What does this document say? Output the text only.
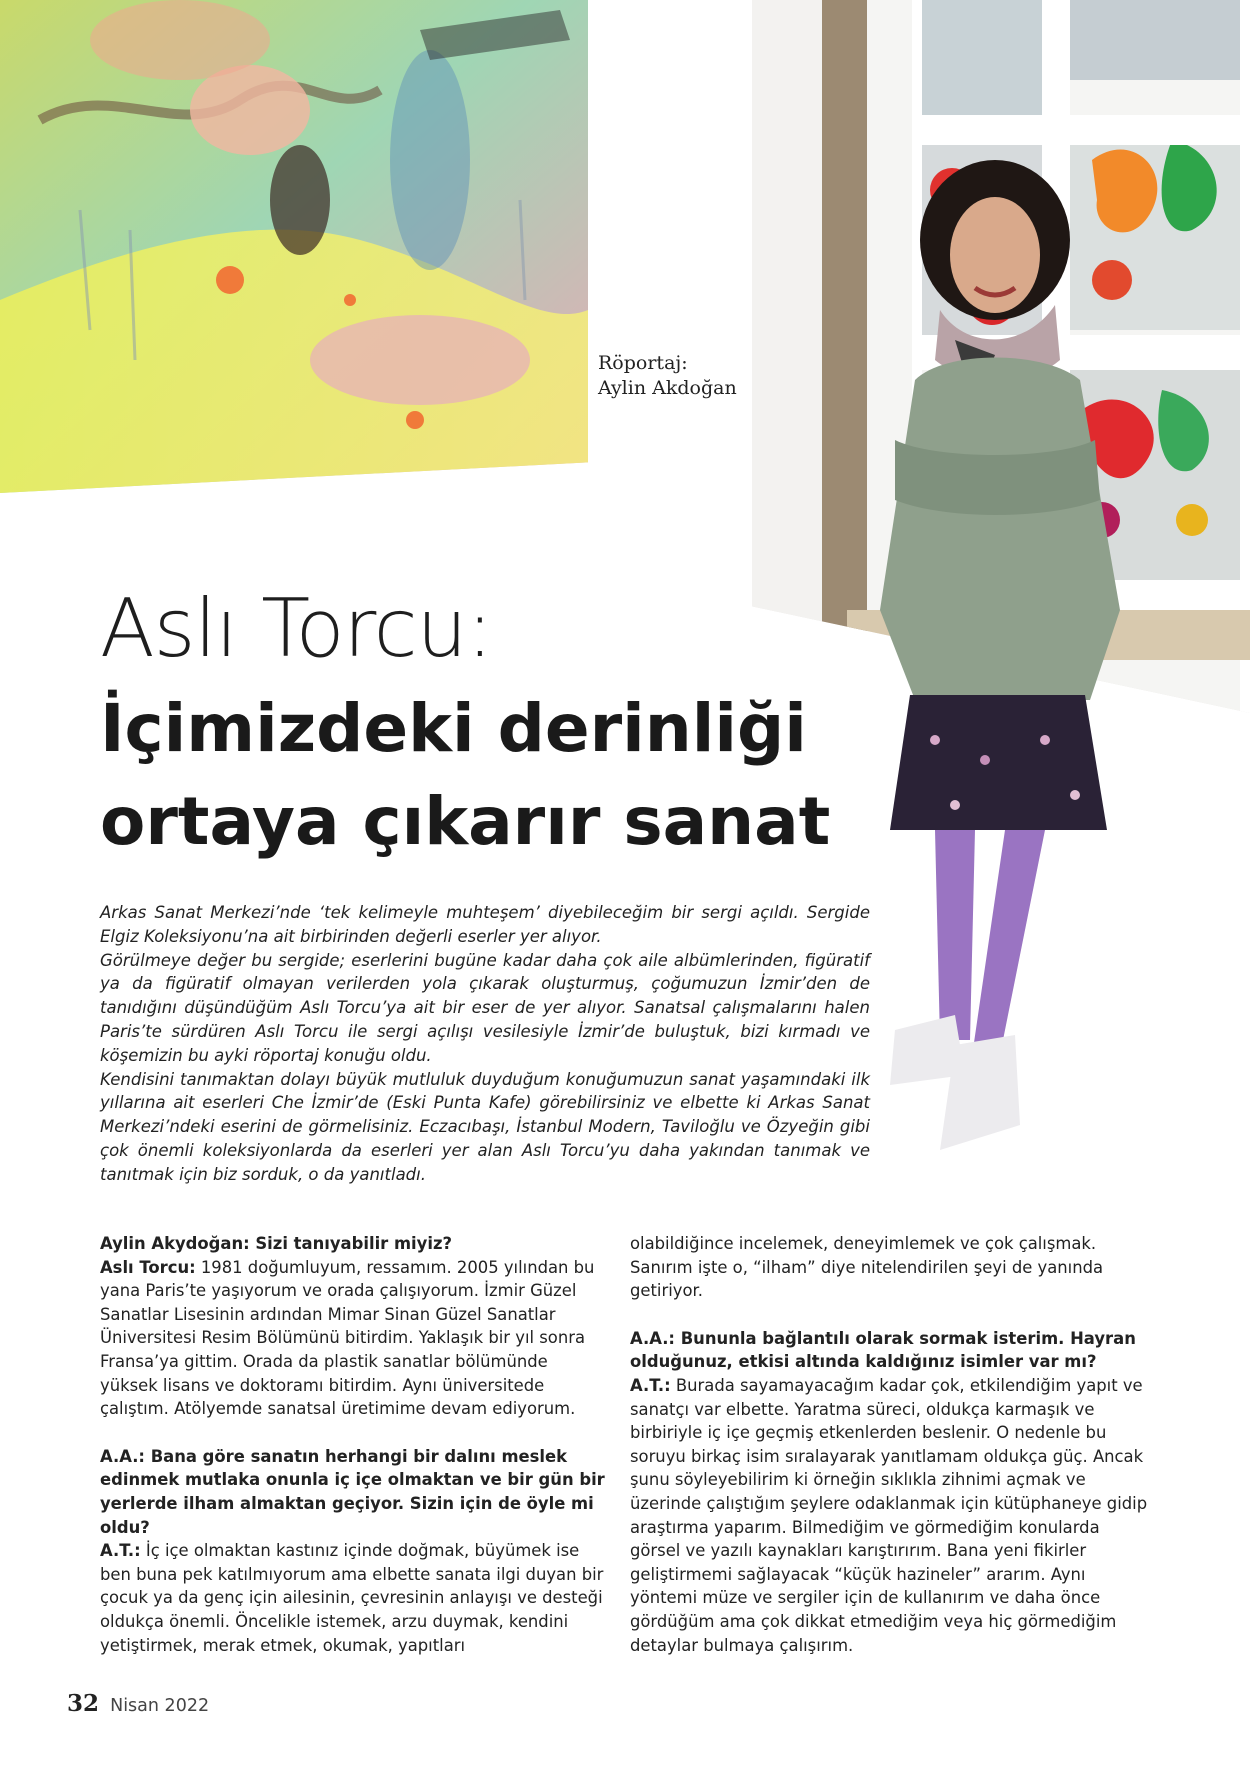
Röportaj:
Aylin Akdoğan
Aslı Torcu:
İçimizdeki derinliği
ortaya çıkarır sanat

Arkas Sanat Merkezi’nde ‘tek kelimeyle muhteşem’ diyebileceğim bir sergi açıldı. Sergide Elgiz Koleksiyonu’na ait birbirinden değerli eserler yer alıyor.

Görülmeye değer bu sergide; eserlerini bugüne kadar daha çok aile albümlerinden, figüratif ya da figüratif olmayan verilerden yola çıkarak oluşturmuş, çoğumuzun İzmir’den de tanıdığını düşündüğüm Aslı Torcu’ya ait bir eser de yer alıyor. Sanatsal çalışmalarını halen Paris’te sürdüren Aslı Torcu ile sergi açılışı vesilesiyle İzmir’de buluştuk, bizi kırmadı ve köşemizin bu ayki röportaj konuğu oldu.

Kendisini tanımaktan dolayı büyük mutluluk duyduğum konuğumuzun sanat yaşamındaki ilk yıllarına ait eserleri Che İzmir’de (Eski Punta Kafe) görebilirsiniz ve elbette ki Arkas Sanat Merkezi’ndeki eserini de görmelisiniz. Eczacıbaşı, İstanbul Modern, Taviloğlu ve Özyeğin gibi çok önemli koleksiyonlarda da eserleri yer alan Aslı Torcu’yu daha yakından tanımak ve tanıtmak için biz sorduk, o da yanıtladı.

Aylin Akydoğan: Sizi tanıyabilir miyiz?

Aslı Torcu: 1981 doğumluyum, ressamım. 2005 yılından bu yana Paris’te yaşıyorum ve orada çalışıyorum. İzmir Güzel Sanatlar Lisesinin ardından Mimar Sinan Güzel Sanatlar Üniversitesi Resim Bölümünü bitirdim. Yaklaşık bir yıl sonra Fransa’ya gittim. Orada da plastik sanatlar bölümünde yüksek lisans ve doktoramı bitirdim. Aynı üniversitede çalıştım. Atölyemde sanatsal üretimime devam ediyorum.

A.A.: Bana göre sanatın herhangi bir dalını meslek edinmek mutlaka onunla iç içe olmaktan ve bir gün bir yerlerde ilham almaktan geçiyor. Sizin için de öyle mi oldu?

A.T.: İç içe olmaktan kastınız içinde doğmak, büyümek ise ben buna pek katılmıyorum ama elbette sanata ilgi duyan bir çocuk ya da genç için ailesinin, çevresinin anlayışı ve desteği oldukça önemli. Öncelikle istemek, arzu duymak, kendini yetiştirmek, merak etmek, okumak, yapıtları

olabildiğince incelemek, deneyimlemek ve çok çalışmak. Sanırım işte o, “ilham” diye nitelendirilen şeyi de yanında getiriyor.

A.A.: Bununla bağlantılı olarak sormak isterim. Hayran olduğunuz, etkisi altında kaldığınız isimler var mı?

A.T.: Burada sayamayacağım kadar çok, etkilendiğim yapıt ve sanatçı var elbette. Yaratma süreci, oldukça karmaşık ve birbiriyle iç içe geçmiş etkenlerden beslenir. O nedenle bu soruyu birkaç isim sıralayarak yanıtlamam oldukça güç. Ancak şunu söyleyebilirim ki örneğin sıklıkla zihnimi açmak ve üzerinde çalıştığım şeylere odaklanmak için kütüphaneye gidip araştırma yaparım. Bilmediğim ve görmediğim konularda görsel ve yazılı kaynakları karıştırırım. Bana yeni fikirler geliştirmemi sağlayacak “küçük hazineler” ararım. Aynı yöntemi müze ve sergiler için de kullanırım ve daha önce gördüğüm ama çok dikkat etmediğim veya hiç görmediğim detaylar bulmaya çalışırım.

32 Nisan 2022
